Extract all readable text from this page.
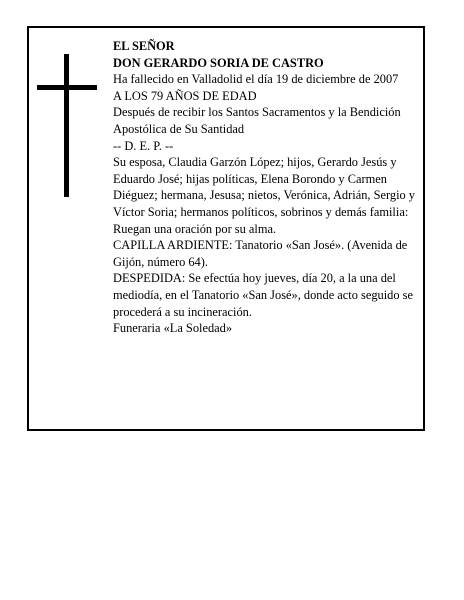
EL SEÑOR

DON GERARDO SORIA DE CASTRO

Ha fallecido en Valladolid el día 19 de diciembre de 2007

A LOS 79 AÑOS DE EDAD

Después de recibir los Santos Sacramentos y la Bendición Apostólica de Su Santidad

-- D. E. P. --

Su esposa, Claudia Garzón López; hijos, Gerardo Jesús y Eduardo José; hijas políticas, Elena Borondo y Carmen Diéguez; hermana, Jesusa; nietos, Verónica, Adrián, Sergio y Víctor Soria; hermanos políticos, sobrinos y demás familia:

Ruegan una oración por su alma.

CAPILLA ARDIENTE: Tanatorio «San José». (Avenida de Gijón, número 64).

DESPEDIDA: Se efectúa hoy jueves, día 20, a la una del mediodía, en el Tanatorio «San José», donde acto seguido se procederá a su incineración.

Funeraria «La Soledad»
